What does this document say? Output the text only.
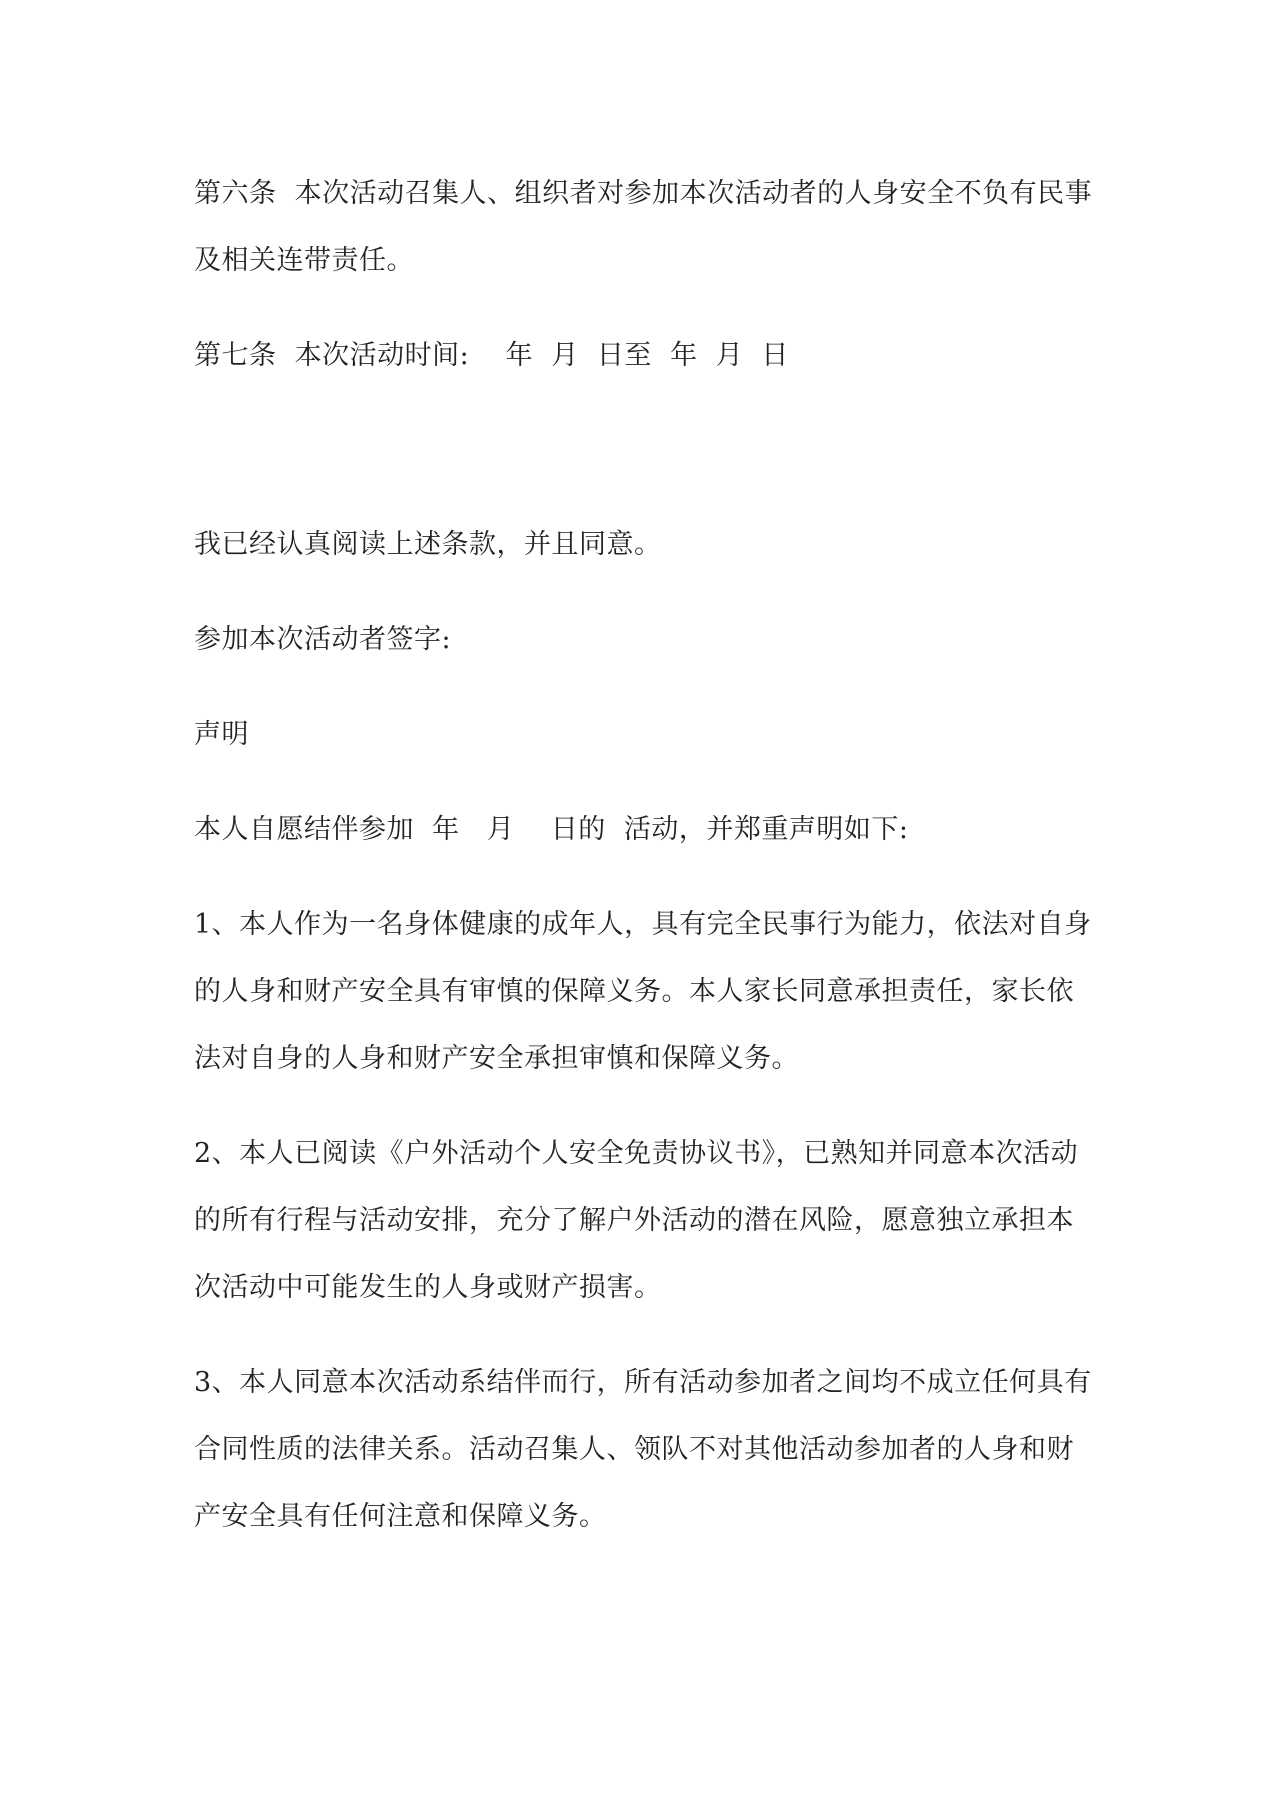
第六条  本次活动召集人、组织者对参加本次活动者的人身安全不负有民事及相关连带责任。

第七条  本次活动时间:    年  月  日至  年  月  日

我已经认真阅读上述条款，并且同意。

参加本次活动者签字:

声明

本人自愿结伴参加  年   月    日的  活动，并郑重声明如下:

1、本人作为一名身体健康的成年人，具有完全民事行为能力，依法对自身的人身和财产安全具有审慎的保障义务。本人家长同意承担责任，家长依法对自身的人身和财产安全承担审慎和保障义务。

2、本人已阅读《户外活动个人安全免责协议书》，已熟知并同意本次活动的所有行程与活动安排，充分了解户外活动的潜在风险，愿意独立承担本次活动中可能发生的人身或财产损害。

3、本人同意本次活动系结伴而行，所有活动参加者之间均不成立任何具有合同性质的法律关系。活动召集人、领队不对其他活动参加者的人身和财产安全具有任何注意和保障义务。
